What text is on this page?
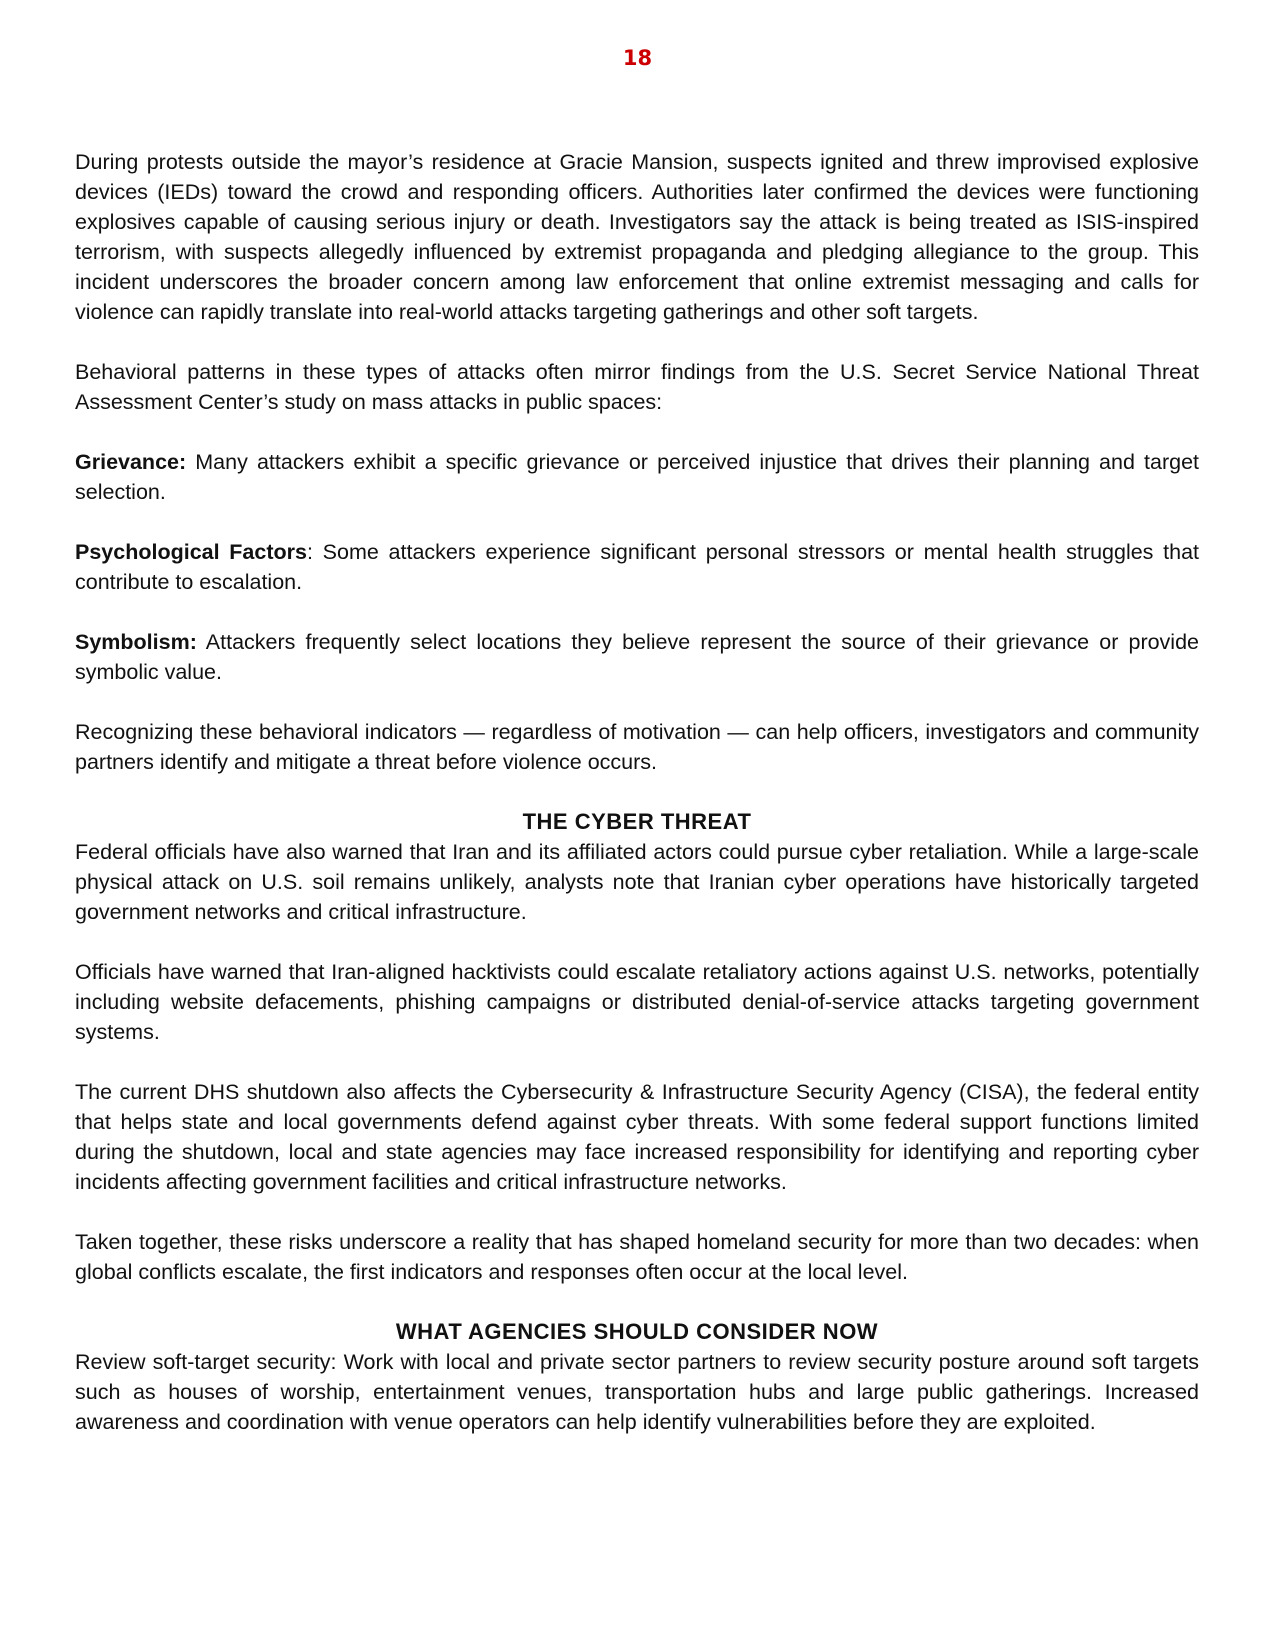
18

During protests outside the mayor’s residence at Gracie Mansion, suspects ignited and threw improvised explosive devices (IEDs) toward the crowd and responding officers. Authorities later confirmed the devices were functioning explosives capable of causing serious injury or death. Investigators say the attack is being treated as ISIS-inspired terrorism, with suspects allegedly influenced by extremist propaganda and pledging allegiance to the group. This incident underscores the broader concern among law enforcement that online extremist messaging and calls for violence can rapidly translate into real-world attacks targeting gatherings and other soft targets.

Behavioral patterns in these types of attacks often mirror findings from the U.S. Secret Service National Threat Assessment Center’s study on mass attacks in public spaces:

Grievance: Many attackers exhibit a specific grievance or perceived injustice that drives their planning and target selection.

Psychological Factors: Some attackers experience significant personal stressors or mental health struggles that contribute to escalation.

Symbolism: Attackers frequently select locations they believe represent the source of their grievance or provide symbolic value.

Recognizing these behavioral indicators — regardless of motivation — can help officers, investigators and community partners identify and mitigate a threat before violence occurs.

THE CYBER THREAT

Federal officials have also warned that Iran and its affiliated actors could pursue cyber retaliation. While a large-scale physical attack on U.S. soil remains unlikely, analysts note that Iranian cyber operations have historically targeted government networks and critical infrastructure.

Officials have warned that Iran-aligned hacktivists could escalate retaliatory actions against U.S. networks, potentially including website defacements, phishing campaigns or distributed denial-of-service attacks targeting government systems.

The current DHS shutdown also affects the Cybersecurity & Infrastructure Security Agency (CISA), the federal entity that helps state and local governments defend against cyber threats. With some federal support functions limited during the shutdown, local and state agencies may face increased responsibility for identifying and reporting cyber incidents affecting government facilities and critical infrastructure networks.

Taken together, these risks underscore a reality that has shaped homeland security for more than two decades: when global conflicts escalate, the first indicators and responses often occur at the local level.

WHAT AGENCIES SHOULD CONSIDER NOW

Review soft-target security: Work with local and private sector partners to review security posture around soft targets such as houses of worship, entertainment venues, transportation hubs and large public gatherings. Increased awareness and coordination with venue operators can help identify vulnerabilities before they are exploited.
